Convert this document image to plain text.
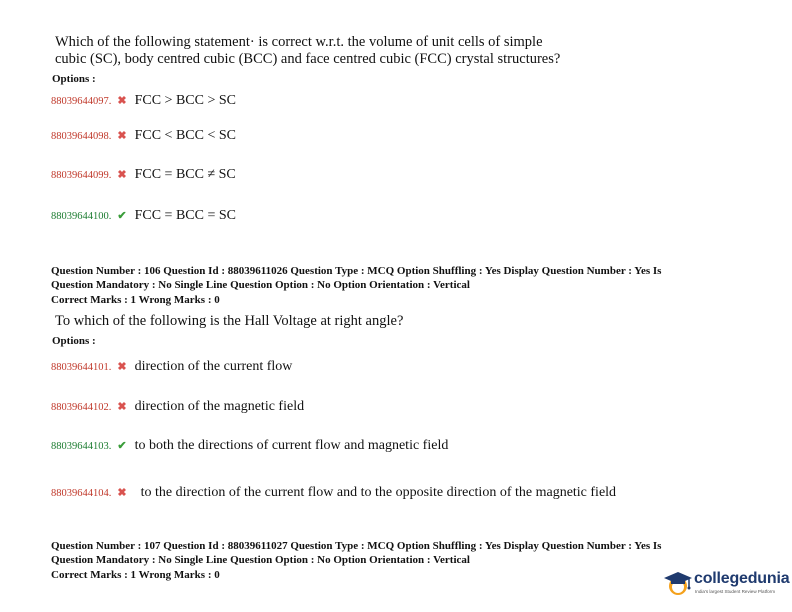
Which of the following statement· is correct w.r.t. the volume of unit cells of simple
cubic (SC), body centred cubic (BCC) and face centred cubic (FCC) crystal structures?
Options :
88039644097. ✖ FCC > BCC > SC
88039644098. ✖ FCC < BCC < SC
88039644099. ✖ FCC = BCC ≠ SC
88039644100. ✔ FCC = BCC = SC
Question Number : 106 Question Id : 88039611026 Question Type : MCQ Option Shuffling : Yes Display Question Number : Yes Is
Question Mandatory : No Single Line Question Option : No Option Orientation : Vertical
Correct Marks : 1 Wrong Marks : 0
To which of the following is the Hall Voltage at right angle?
Options :
88039644101. ✖ direction of the current flow
88039644102. ✖ direction of the magnetic field
88039644103. ✔ to both the directions of current flow and magnetic field
88039644104. ✖ to the direction of the current flow and to the opposite direction of the magnetic field
Question Number : 107 Question Id : 88039611027 Question Type : MCQ Option Shuffling : Yes Display Question Number : Yes Is
Question Mandatory : No Single Line Question Option : No Option Orientation : Vertical
Correct Marks : 1 Wrong Marks : 0	collegedunia
India's largest Student Review Platform
